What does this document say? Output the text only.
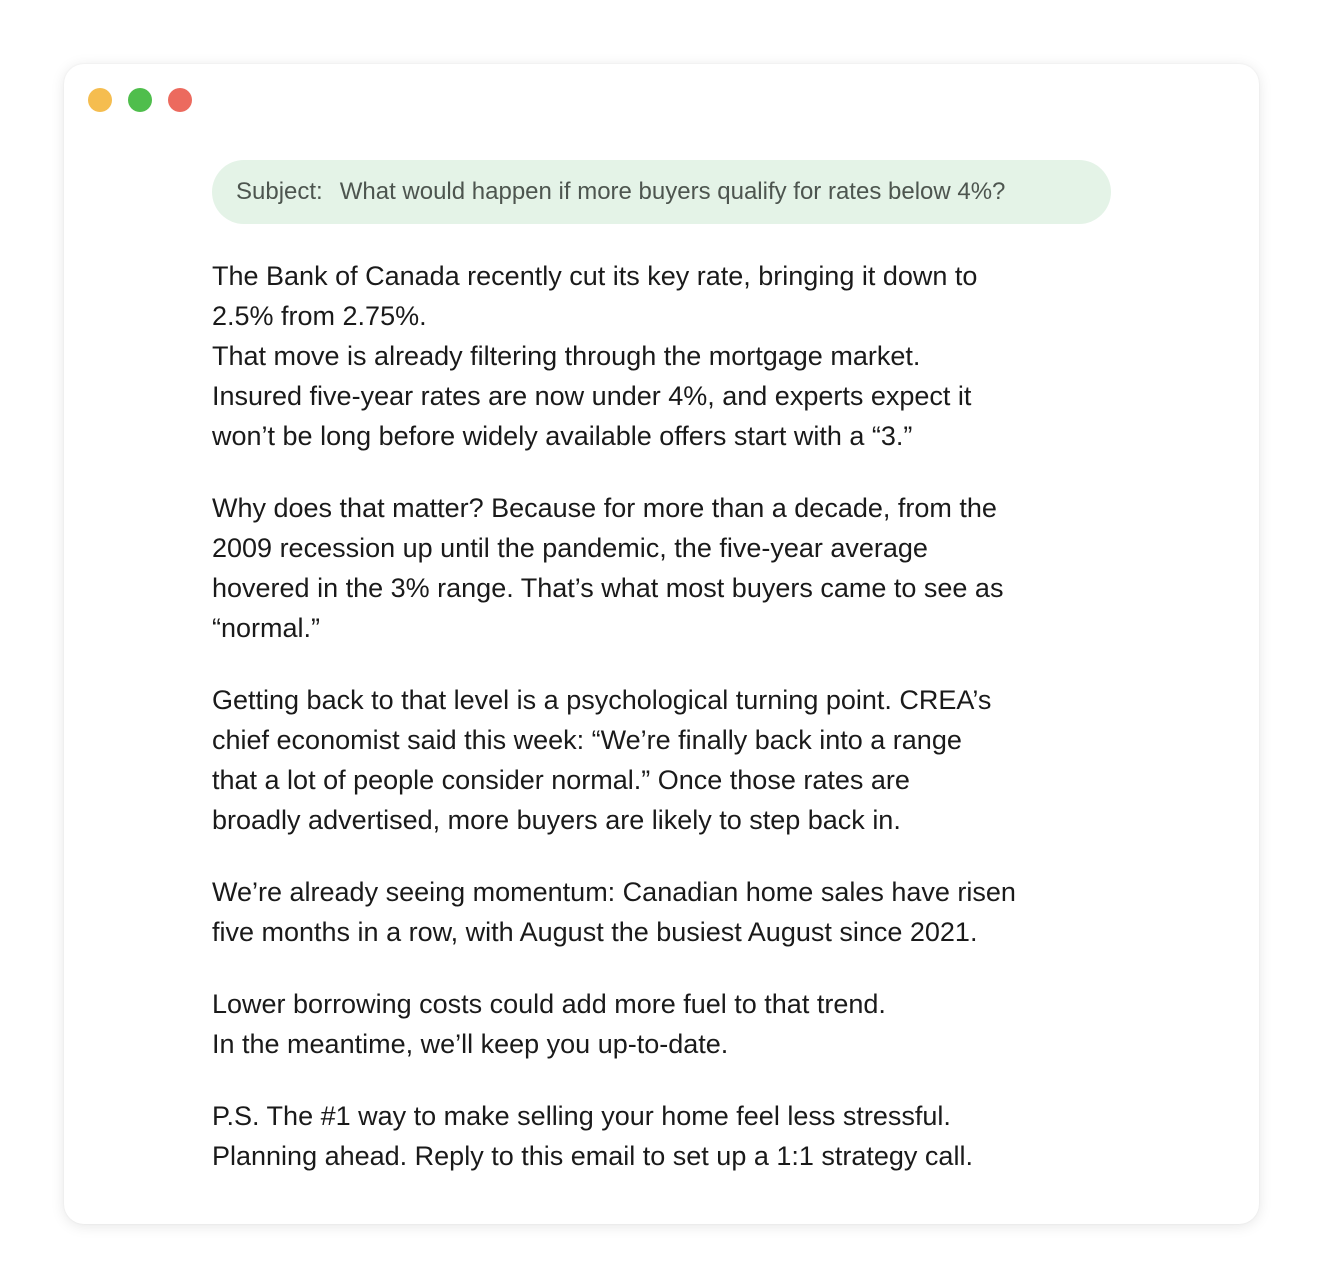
Subject: What would happen if more buyers qualify for rates below 4%?

The Bank of Canada recently cut its key rate, bringing it down to
2.5% from 2.75%.
That move is already filtering through the mortgage market.
Insured five-year rates are now under 4%, and experts expect it
won’t be long before widely available offers start with a “3.”

Why does that matter? Because for more than a decade, from the
2009 recession up until the pandemic, the five-year average
hovered in the 3% range. That’s what most buyers came to see as
“normal.”

Getting back to that level is a psychological turning point. CREA’s
chief economist said this week: “We’re finally back into a range
that a lot of people consider normal.” Once those rates are
broadly advertised, more buyers are likely to step back in.

We’re already seeing momentum: Canadian home sales have risen
five months in a row, with August the busiest August since 2021.

Lower borrowing costs could add more fuel to that trend.
In the meantime, we’ll keep you up-to-date.

P.S. The #1 way to make selling your home feel less stressful.
Planning ahead. Reply to this email to set up a 1:1 strategy call.
